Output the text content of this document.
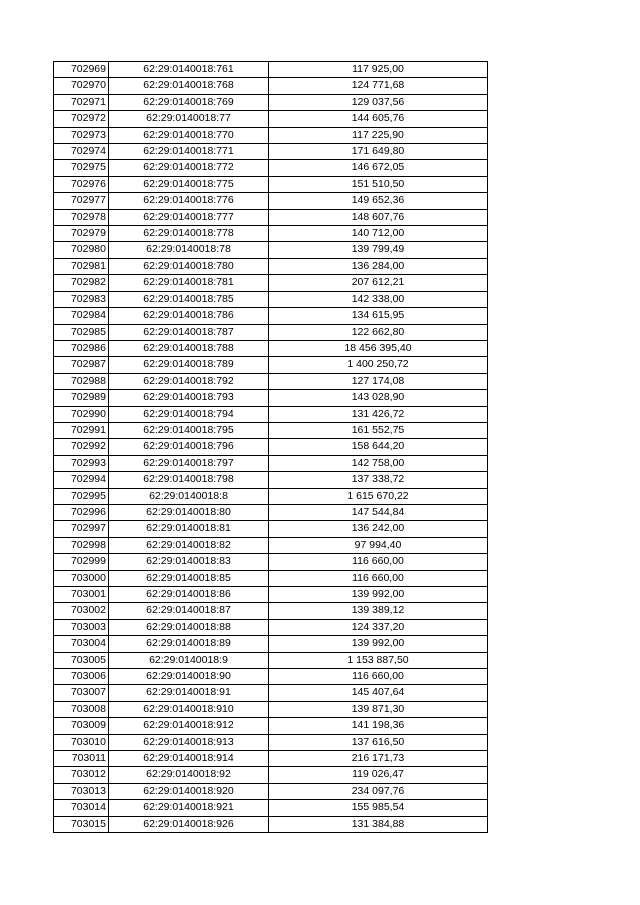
702969	62:29:0140018:761	117 925,00
702970	62:29:0140018:768	124 771,68
702971	62:29:0140018:769	129 037,56
702972	62:29:0140018:77	144 605,76
702973	62:29:0140018:770	117 225,90
702974	62:29:0140018:771	171 649,80
702975	62:29:0140018:772	146 672,05
702976	62:29:0140018:775	151 510,50
702977	62:29:0140018:776	149 652,36
702978	62:29:0140018:777	148 607,76
702979	62:29:0140018:778	140 712,00
702980	62:29:0140018:78	139 799,49
702981	62:29:0140018:780	136 284,00
702982	62:29:0140018:781	207 612,21
702983	62:29:0140018:785	142 338,00
702984	62:29:0140018:786	134 615,95
702985	62:29:0140018:787	122 662,80
702986	62:29:0140018:788	18 456 395,40
702987	62:29:0140018:789	1 400 250,72
702988	62:29:0140018:792	127 174,08
702989	62:29:0140018:793	143 028,90
702990	62:29:0140018:794	131 426,72
702991	62:29:0140018:795	161 552,75
702992	62:29:0140018:796	158 644,20
702993	62:29:0140018:797	142 758,00
702994	62:29:0140018:798	137 338,72
702995	62:29:0140018:8	1 615 670,22
702996	62:29:0140018:80	147 544,84
702997	62:29:0140018:81	136 242,00
702998	62:29:0140018:82	97 994,40
702999	62:29:0140018:83	116 660,00
703000	62:29:0140018:85	116 660,00
703001	62:29:0140018:86	139 992,00
703002	62:29:0140018:87	139 389,12
703003	62:29:0140018:88	124 337,20
703004	62:29:0140018:89	139 992,00
703005	62:29:0140018:9	1 153 887,50
703006	62:29:0140018:90	116 660,00
703007	62:29:0140018:91	145 407,64
703008	62:29:0140018:910	139 871,30
703009	62:29:0140018:912	141 198,36
703010	62:29:0140018:913	137 616,50
703011	62:29:0140018:914	216 171,73
703012	62:29:0140018:92	119 026,47
703013	62:29:0140018:920	234 097,76
703014	62:29:0140018:921	155 985,54
703015	62:29:0140018:926	131 384,88
